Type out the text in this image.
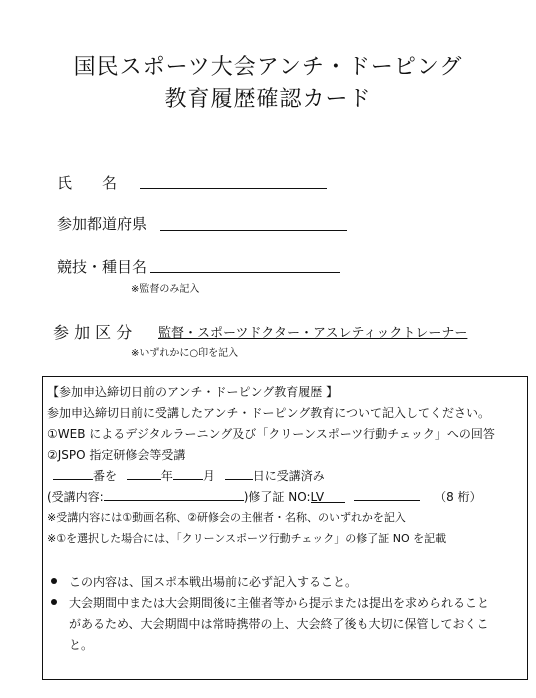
国民スポーツ大会アンチ・ドーピング
教育履歴確認カード
氏　　名
参加都道府県
競技・種目名
※監督のみ記入
参 加 区 分 監督・スポーツドクター・アスレティックトレーナー
※いずれかに○印を記入
【参加申込締切日前のアンチ・ドーピング教育履歴 】
参加申込締切日前に受講したアンチ・ドーピング教育について記入してください。
①WEB によるデジタルラーニング及び「クリーンスポーツ行動チェック」への回答
②JSPO 指定研修会等受講
番を	年	月	日に受講済み
(受講内容:	)修了証 NO:LV	（8 桁）
※受講内容には①動画名称、②研修会の主催者・名称、のいずれかを記入
※①を選択した場合には、「クリーンスポーツ行動チェック」の修了証 NO を記載
この内容は、国スポ本戦出場前に必ず記入すること。
大会期間中または大会期間後に主催者等から提示または提出を求められること
があるため、大会期間中は常時携帯の上、大会終了後も大切に保管しておくこ
と。
